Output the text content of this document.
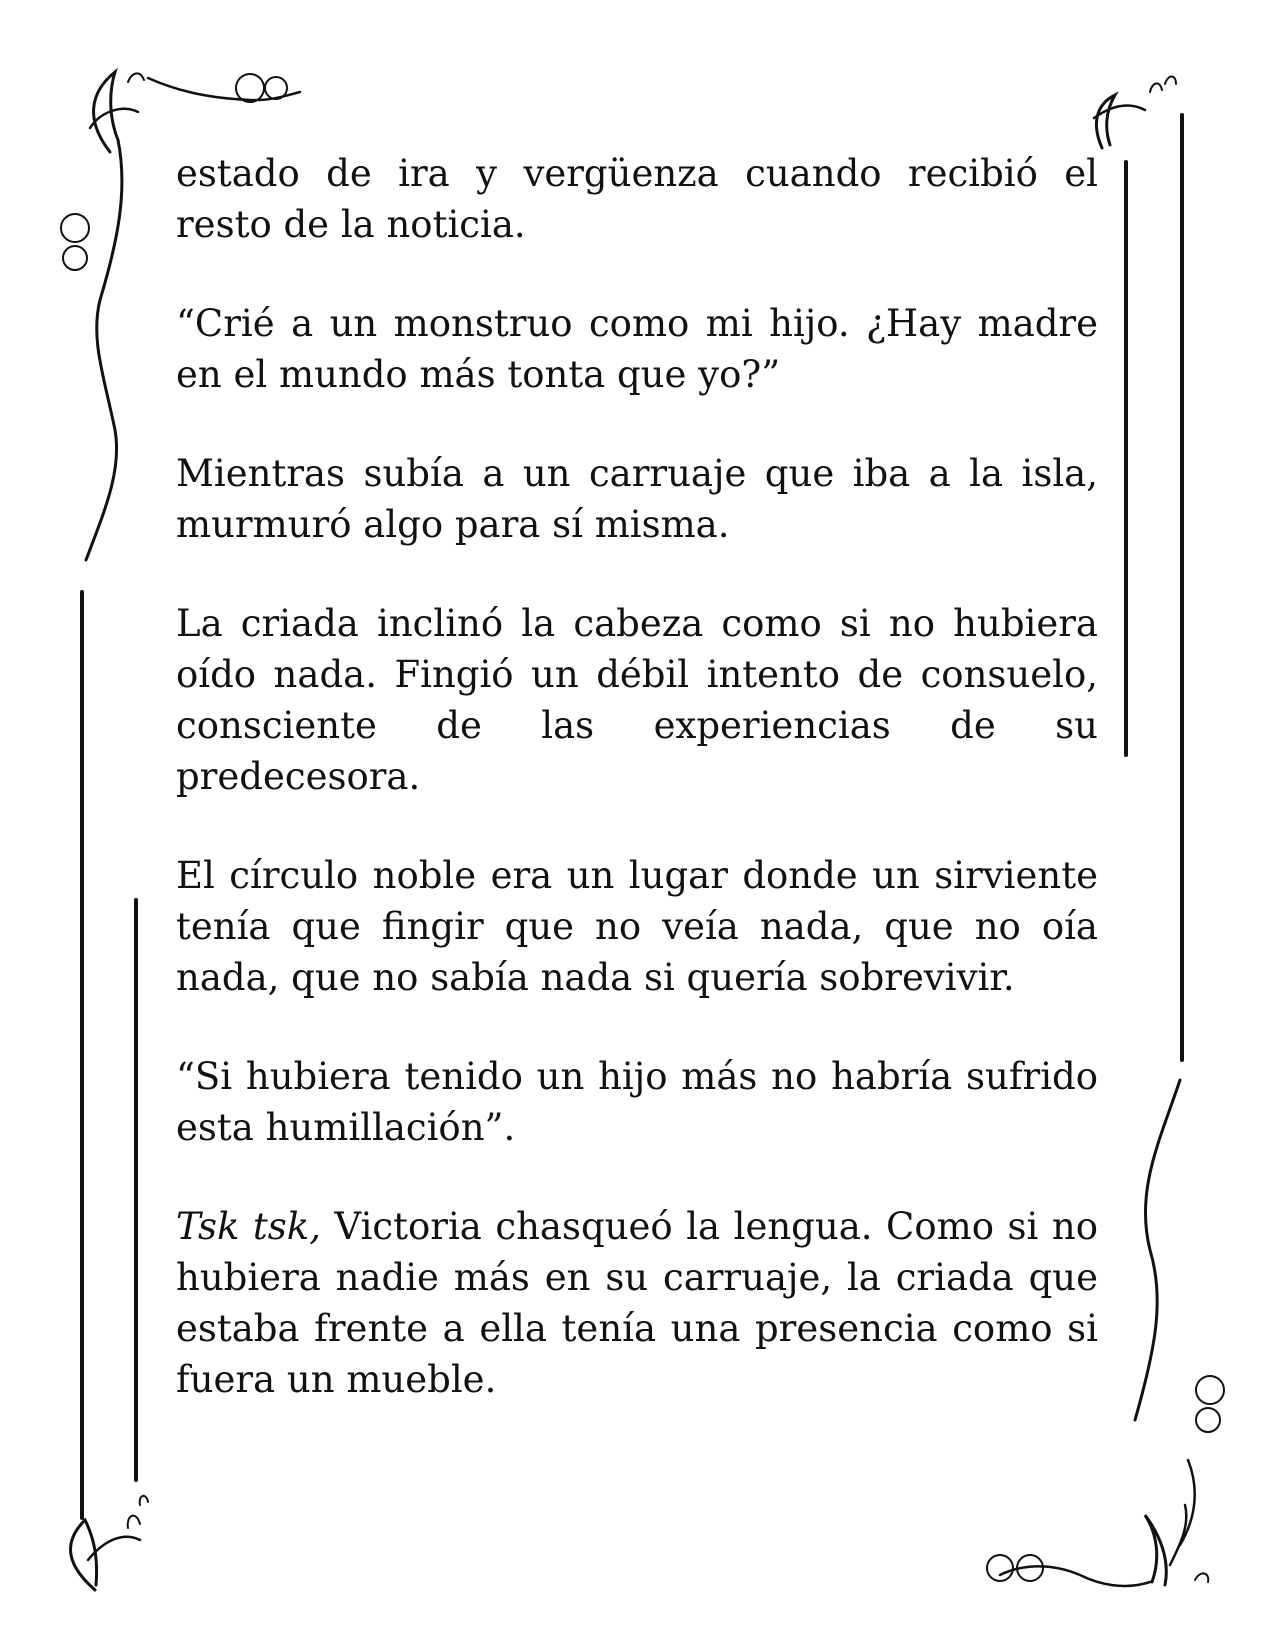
estado de ira y vergüenza cuando recibió el resto de la noticia.

“Crié a un monstruo como mi hijo. ¿Hay madre en el mundo más tonta que yo?”

Mientras subía a un carruaje que iba a la isla, murmuró algo para sí misma.

La criada inclinó la cabeza como si no hubiera oído nada. Fingió un débil intento de consuelo, consciente de las experiencias de su predecesora.

El círculo noble era un lugar donde un sirviente tenía que fingir que no veía nada, que no oía nada, que no sabía nada si quería sobrevivir.

“Si hubiera tenido un hijo más no habría sufrido esta humillación”.

Tsk tsk, Victoria chasqueó la lengua. Como si no hubiera nadie más en su carruaje, la criada que estaba frente a ella tenía una presencia como si fuera un mueble.
